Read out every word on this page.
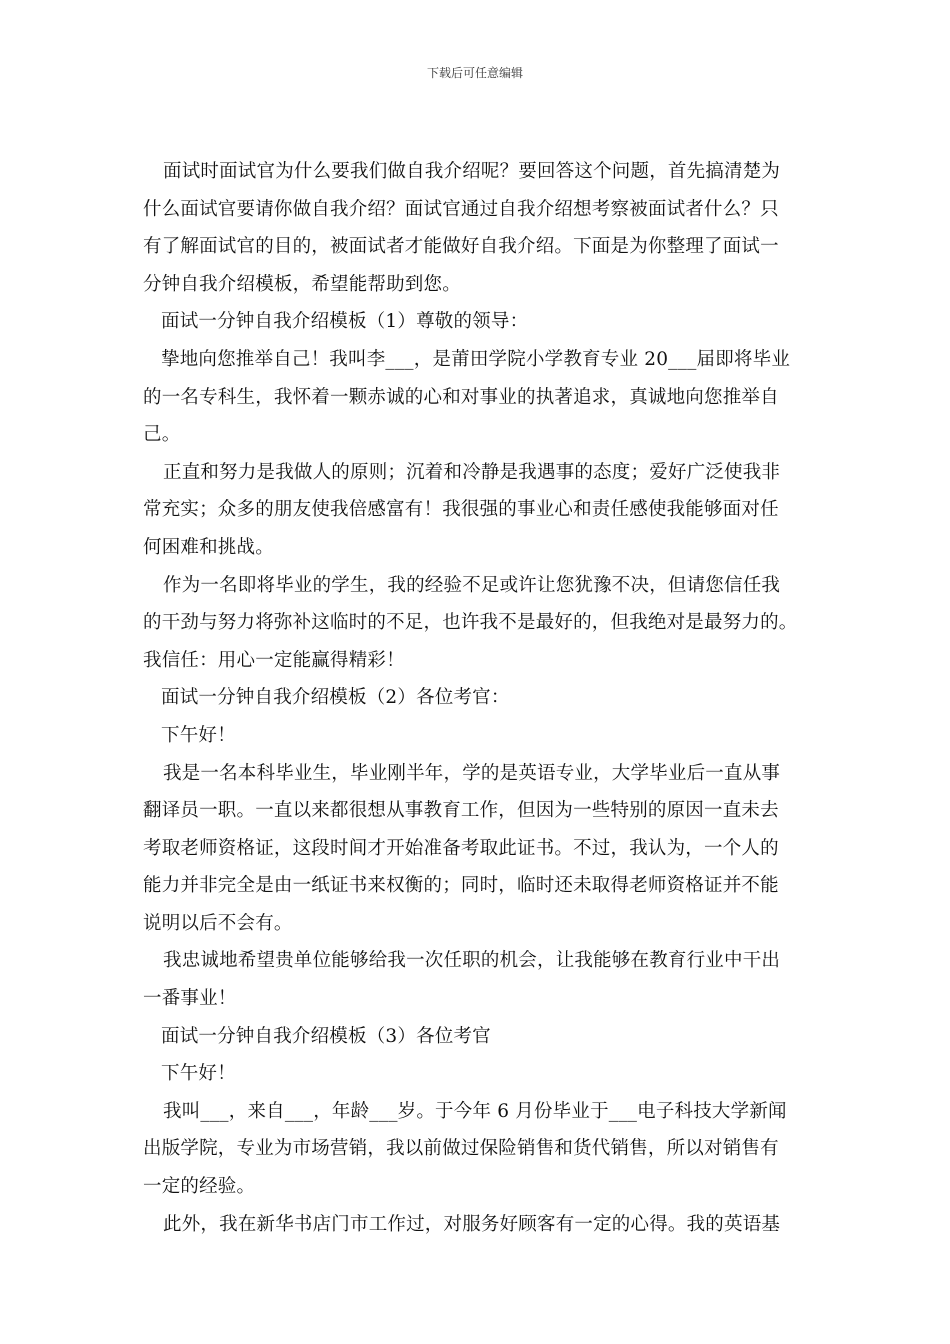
下载后可任意编辑
面试时面试官为什么要我们做自我介绍呢？要回答这个问题，首先搞清楚为
什么面试官要请你做自我介绍？面试官通过自我介绍想考察被面试者什么？只
有了解面试官的目的，被面试者才能做好自我介绍。下面是为你整理了面试一
分钟自我介绍模板，希望能帮助到您。
面试一分钟自我介绍模板（1）尊敬的领导：
挚地向您推举自己！我叫李___，是莆田学院小学教育专业 20___届即将毕业
的一名专科生，我怀着一颗赤诚的心和对事业的执著追求，真诚地向您推举自
己。
正直和努力是我做人的原则；沉着和冷静是我遇事的态度；爱好广泛使我非
常充实；众多的朋友使我倍感富有！我很强的事业心和责任感使我能够面对任
何困难和挑战。
作为一名即将毕业的学生，我的经验不足或许让您犹豫不决，但请您信任我
的干劲与努力将弥补这临时的不足，也许我不是最好的，但我绝对是最努力的。
我信任：用心一定能赢得精彩！
面试一分钟自我介绍模板（2）各位考官：
下午好！
我是一名本科毕业生，毕业刚半年，学的是英语专业，大学毕业后一直从事
翻译员一职。一直以来都很想从事教育工作，但因为一些特别的原因一直未去
考取老师资格证，这段时间才开始准备考取此证书。不过，我认为，一个人的
能力并非完全是由一纸证书来权衡的；同时，临时还未取得老师资格证并不能
说明以后不会有。
我忠诚地希望贵单位能够给我一次任职的机会，让我能够在教育行业中干出
一番事业！
面试一分钟自我介绍模板（3）各位考官
下午好！
我叫___，来自___，年龄___岁。于今年 6 月份毕业于___电子科技大学新闻
出版学院，专业为市场营销，我以前做过保险销售和货代销售，所以对销售有
一定的经验。
此外，我在新华书店门市工作过，对服务好顾客有一定的心得。我的英语基
